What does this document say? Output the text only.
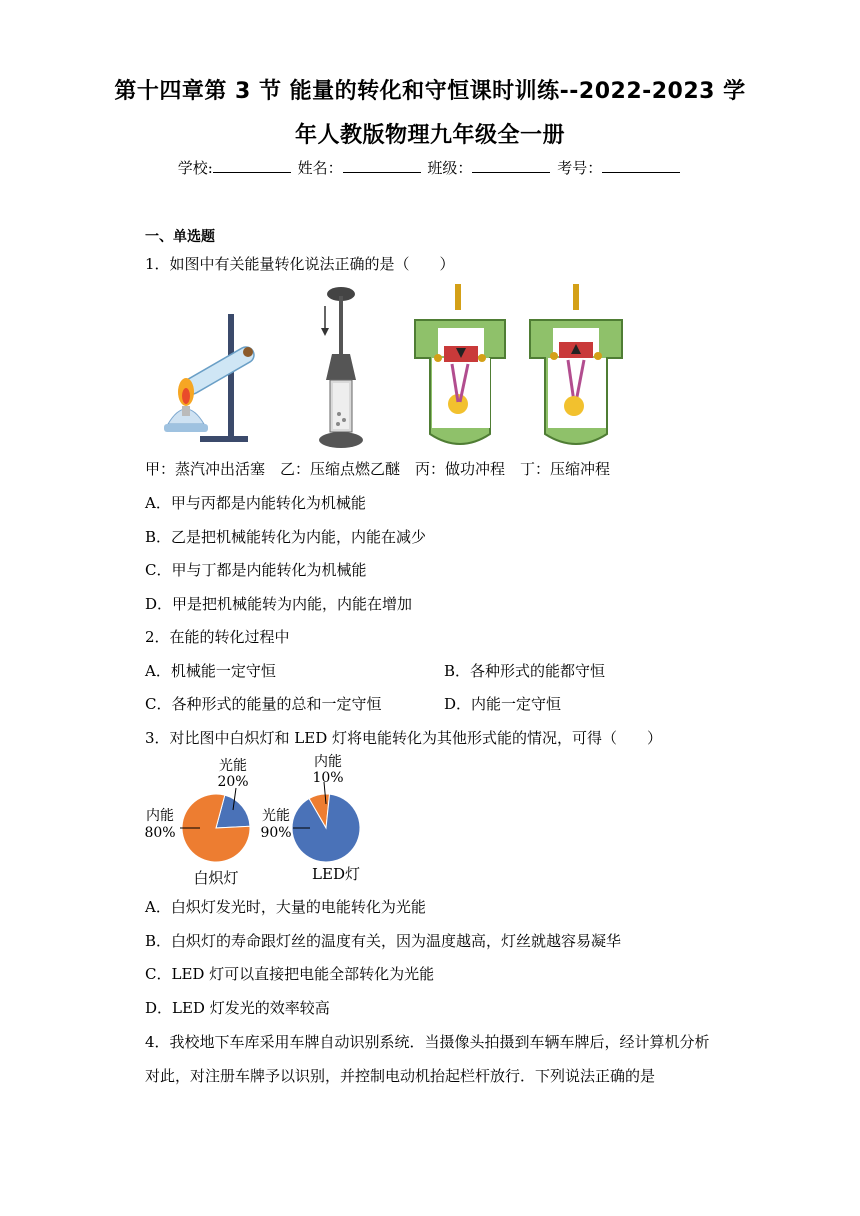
第十四章第 3 节 能量的转化和守恒课时训练--2022-2023 学
年人教版物理九年级全一册
学校:	姓名：	班级：	考号：
一、单选题
1．如图中有关能量转化说法正确的是（　　）
甲：蒸汽冲出活塞　乙：压缩点燃乙醚　丙：做功冲程　丁：压缩冲程
A．甲与丙都是内能转化为机械能
B．乙是把机械能转化为内能，内能在减少
C．甲与丁都是内能转化为机械能
D．甲是把机械能转为内能，内能在增加
2．在能的转化过程中
A．机械能一定守恒	B．各种形式的能都守恒
C．各种形式的能量的总和一定守恒	D．内能一定守恒
3．对比图中白炽灯和 LED 灯将电能转化为其他形式能的情况，可得（　　）
光能
20%
内能
80%
白炽灯
内能
10%
光能
90%
LED灯
A．白炽灯发光时，大量的电能转化为光能
B．白炽灯的寿命跟灯丝的温度有关，因为温度越高，灯丝就越容易凝华
C．LED 灯可以直接把电能全部转化为光能
D．LED 灯发光的效率较高
4．我校地下车库采用车牌自动识别系统．当摄像头拍摄到车辆车牌后，经计算机分析
对此，对注册车牌予以识别，并控制电动机抬起栏杆放行．下列说法正确的是
